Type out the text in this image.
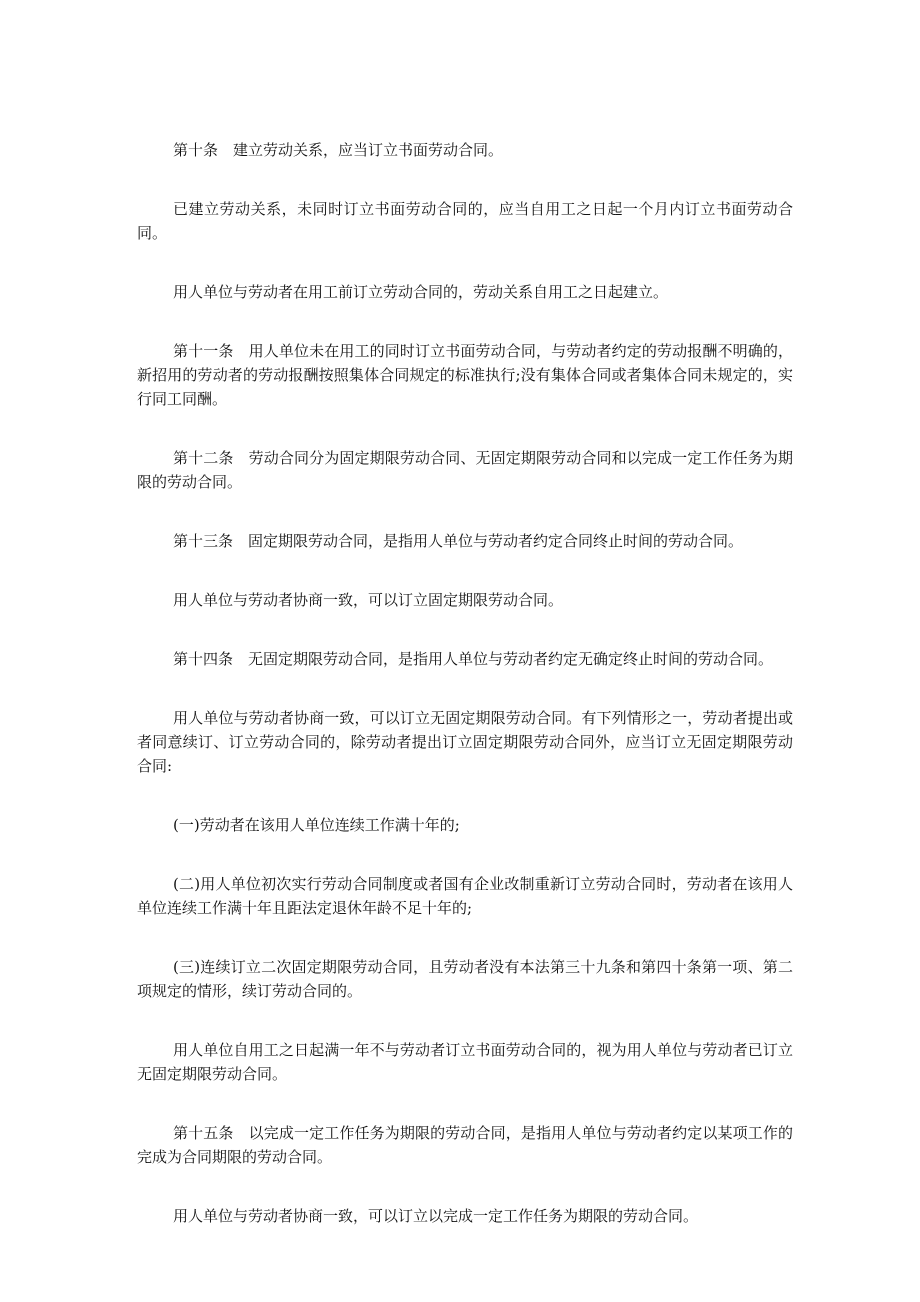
第十条　建立劳动关系，应当订立书面劳动合同。

已建立劳动关系，未同时订立书面劳动合同的，应当自用工之日起一个月内订立书面劳动合同。

用人单位与劳动者在用工前订立劳动合同的，劳动关系自用工之日起建立。

第十一条　用人单位未在用工的同时订立书面劳动合同，与劳动者约定的劳动报酬不明确的，新招用的劳动者的劳动报酬按照集体合同规定的标准执行;没有集体合同或者集体合同未规定的，实行同工同酬。

第十二条　劳动合同分为固定期限劳动合同、无固定期限劳动合同和以完成一定工作任务为期限的劳动合同。

第十三条　固定期限劳动合同，是指用人单位与劳动者约定合同终止时间的劳动合同。

用人单位与劳动者协商一致，可以订立固定期限劳动合同。

第十四条　无固定期限劳动合同，是指用人单位与劳动者约定无确定终止时间的劳动合同。

用人单位与劳动者协商一致，可以订立无固定期限劳动合同。有下列情形之一，劳动者提出或者同意续订、订立劳动合同的，除劳动者提出订立固定期限劳动合同外，应当订立无固定期限劳动合同:

(一)劳动者在该用人单位连续工作满十年的;

(二)用人单位初次实行劳动合同制度或者国有企业改制重新订立劳动合同时，劳动者在该用人单位连续工作满十年且距法定退休年龄不足十年的;

(三)连续订立二次固定期限劳动合同，且劳动者没有本法第三十九条和第四十条第一项、第二项规定的情形，续订劳动合同的。

用人单位自用工之日起满一年不与劳动者订立书面劳动合同的，视为用人单位与劳动者已订立无固定期限劳动合同。

第十五条　以完成一定工作任务为期限的劳动合同，是指用人单位与劳动者约定以某项工作的完成为合同期限的劳动合同。

用人单位与劳动者协商一致，可以订立以完成一定工作任务为期限的劳动合同。
